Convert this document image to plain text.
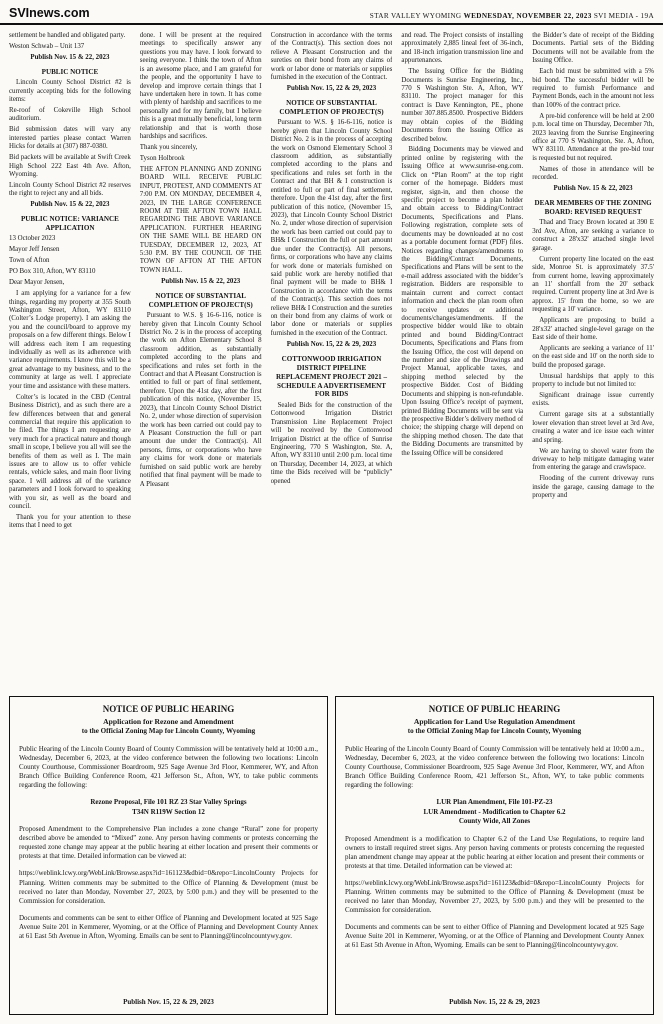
SVInews.com	STAR VALLEY WYOMING WEDNESDAY, NOVEMBER 22, 2023 SVI MEDIA - 19A
settlement be handled and obligated party.
Weston Schwab – Unit 137
Publish Nov. 15 & 22, 2023
PUBLIC NOTICE
Lincoln County School District #2 is currently accepting bids for the following items:
Re-roof of Cokeville High School auditorium.
Bid submission dates will vary any interested parties please contact Warren Hicks for details at (307) 887-0380.
Bid packets will be available at Swift Creek High School 222 East 4th Ave. Afton, Wyoming.
Lincoln County School District #2 reserves the right to reject any and all bids.
Publish Nov. 15 & 22, 2023
PUBLIC NOTICE: VARIANCE APPLICATION
13 October 2023
Mayor Jeff Jensen
Town of Afton
PO Box 310, Afton, WY 83110
Dear Mayor Jensen,
I am applying for a variance for a few things, regarding my property at 355 South Washington Street, Afton, WY 83110 (Colter’s Lodge property). I am asking the you and the council/board to approve my proposals on a few different things. Below I will address each item I am requesting individually as well as its adherence with variance requirements. I know this will be a great advantage to my business, and to the community at large as well. I appreciate your time and assistance with these matters.
Colter’s is located in the CBD (Central Business District), and as such there are a few differences between that and general commercial that require this application to be filed. The things I am requesting are very much for a practical nature and though small in scope, I believe you all will see the benefits of them as well as I. The main issues are to allow us to offer vehicle rentals, vehicle sales, and main floor living space. I will address all of the variance parameters and I look forward to speaking with you sir, as well as the board and council.
Thank you for your attention to these items that I need to get
done. I will be present at the required meetings to specifically answer any questions you may have. I look forward to seeing everyone. I think the town of Afton is an awesome place, and I am grateful for the people, and the opportunity I have to develop and improve certain things that I have undertaken here in town. It has come with plenty of hardship and sacrifices to me personally and for my family, but I believe this is a great mutually beneficial, long term relationship and that is worth those hardships and sacrifices.
Thank you sincerely,
Tyson Holbrook
THE AFTON PLANNING AND ZONING BOARD WILL RECEIVE PUBLIC INPUT, PROTEST, AND COMMENTS AT 7:00 P.M. ON MONDAY, DECEMBER 4, 2023, IN THE LARGE CONFERENCE ROOM AT THE AFTON TOWN HALL REGARDING THE ABOVE VARIANCE APPLICATION. FURTHER HEARING ON THE SAME WILL BE HEARD ON TUESDAY, DECEMBER 12, 2023, AT 5:30 P.M. BY THE COUNCIL OF THE TOWN OF AFTON AT THE AFTON TOWN HALL.
Publish Nov. 15 & 22, 2023
NOTICE OF SUBSTANTIAL COMPLETION OF PROJECT(S)
Pursuant to W.S. § 16-6-116, notice is hereby given that Lincoln County School District No. 2 is in the process of accepting the work on Afton Elementary School 8 classroom addition, as substantially completed according to the plans and specifications and rules set forth in the Contract and that A Pleasant Construction is entitled to full or part of final settlement, therefore. Upon the 41st day, after the first publication of this notice, (November 15, 2023), that Lincoln County School District No. 2, under whose direction of supervision the work has been carried out could pay to A Pleasant Construction the full or part amount due under the Contract(s). All persons, firms, or corporations who have any claims for work done or materials furnished on said public work are hereby notified that final payment will be made to A Pleasant
Construction in accordance with the terms of the Contract(s). This section does not relieve A Pleasant Construction and the sureties on their bond from any claims of work or labor done or materials or supplies furnished in the execution of the Contract.
Publish Nov. 15, 22 & 29, 2023
NOTICE OF SUBSTANTIAL COMPLETION OF PROJECT(S)
Pursuant to W.S. § 16-6-116, notice is hereby given that Lincoln County School District No. 2 is in the process of accepting the work on Osmond Elementary School 3 classroom addition, as substantially completed according to the plans and specifications and rules set forth in the Contract and that BH & I construction is entitled to full or part of final settlement, therefore. Upon the 41st day, after the first publication of this notice, (November 15, 2023), that Lincoln County School District No. 2, under whose direction of supervision the work has been carried out could pay to BH& I Construction the full or part amount due under the Contract(s). All persons, firms, or corporations who have any claims for work done or materials furnished on said public work are hereby notified that final payment will be made to BH& I Construction in accordance with the terms of the Contract(s). This section does not relieve BH& I Construction and the sureties on their bond from any claims of work or labor done or materials or supplies furnished in the execution of the Contract.
Publish Nov. 15, 22 & 29, 2023
COTTONWOOD IRRIGATION DISTRICT PIPELINE REPLACEMENT PROJECT 2021 – SCHEDULE A ADVERTISEMENT FOR BIDS
Sealed Bids for the construction of the Cottonwood Irrigation District Transmission Line Replacement Project will be received by the Cottonwood Irrigation District at the office of Sunrise Engineering, 770 S Washington, Ste. A, Afton, WY 83110 until 2:00 p.m. local time on Thursday, December 14, 2023, at which time the Bids received will be “publicly” opened
and read. The Project consists of installing approximately 2,885 lineal feet of 36-inch, and 18-inch irrigation transmission line and appurtenances.
The Issuing Office for the Bidding Documents is Sunrise Engineering, Inc., 770 S Washington Ste. A, Afton, WY 83110. The project manager for this contract is Dave Kennington, PE., phone number 307.885.8500. Prospective Bidders may obtain copies of the Bidding Documents from the Issuing Office as described below.
Bidding Documents may be viewed and printed online by registering with the Issuing Office at www.sunrise-eng.com. Click on “Plan Room” at the top right corner of the homepage. Bidders must register, sign-in, and then choose the specific project to become a plan holder and obtain access to Bidding/Contract Documents, Specifications and Plans. Following registration, complete sets of documents may be downloaded at no cost as a portable document format (PDF) files. Notices regarding changes/amendments to the Bidding/Contract Documents, Specifications and Plans will be sent to the e-mail address associated with the bidder’s registration. Bidders are responsible to maintain current and correct contact information and check the plan room often to receive updates or additional documents/changes/amendments. If the prospective bidder would like to obtain printed and bound Bidding/Contract Documents, Specifications and Plans from the Issuing Office, the cost will depend on the number and size of the Drawings and Project Manual, applicable taxes, and shipping method selected by the prospective Bidder. Cost of Bidding Documents and shipping is non-refundable. Upon Issuing Office’s receipt of payment, printed Bidding Documents will be sent via the prospective Bidder’s delivery method of choice; the shipping charge will depend on the shipping method chosen. The date that the Bidding Documents are transmitted by the Issuing Office will be considered
the Bidder’s date of receipt of the Bidding Documents. Partial sets of the Bidding Documents will not be available from the Issuing Office.
Each bid must be submitted with a 5% bid bond. The successful bidder will be required to furnish Performance and Payment Bonds, each in the amount not less than 100% of the contract price.
A pre-bid conference will be held at 2:00 p.m. local time on Thursday, December 7th, 2023 leaving from the Sunrise Engineering office at 770 S Washington, Ste. A, Afton, WY 83110. Attendance at the pre-bid tour is requested but not required.
Names of those in attendance will be recorded.
Publish Nov. 15 & 22, 2023
DEAR MEMBERS OF THE ZONING BOARD: REVISED REQUEST
Thad and Tracy Brown located at 390 E 3rd Ave, Afton, are seeking a variance to construct a 28'x32' attached single level garage.
Current property line located on the east side, Monroe St. is approximately 37.5' from current home, leaving approximately an 11' shortfall from the 20' setback required. Current property line at 3rd Ave is approx. 15' from the home, so we are requesting a 10' variance.
Applicants are proposing to build a 28'x32' attached single-level garage on the East side of their home.
Applicants are seeking a variance of 11' on the east side and 10' on the north side to build the proposed garage.
Unusual hardships that apply to this property to include but not limited to:
Significant drainage issue currently exists.
Current garage sits at a substantially lower elevation than street level at 3rd Ave, creating a water and ice issue each winter and spring.
We are having to shovel water from the driveway to help mitigate damaging water from entering the garage and crawlspace.
Flooding of the current driveway runs inside the garage, causing damage to the property and
NOTICE OF PUBLIC HEARING
Application for Rezone and Amendment
to the Official Zoning Map for Lincoln County, Wyoming

Public Hearing of the Lincoln County Board of County Commission will be tentatively held at 10:00 a.m., Wednesday, December 6, 2023, at the video conference between the following two locations: Lincoln County Courthouse, Commissioner Boardroom, 925 Sage Avenue 3rd Floor, Kemmerer, WY, and Afton Branch Office Building Conference Room, 421 Jefferson St., Afton, WY, to take public comments regarding the following:

Rezone Proposal, File 101 RZ 23 Star Valley Springs
T34N R119W Section 12

Proposed Amendment to the Comprehensive Plan includes a zone change “Rural” zone for property described above be amended to “Mixed” zone. Any person having comments or protests concerning the requested zone change may appear at the public hearing at either location and present their comments or protests at that time. Detailed information can be viewed at:

https://weblink.lcwy.org/WebLink/Browse.aspx?id=161123&dbid=0&repo=LincolnCounty Projects for Planning. Written comments may be submitted to the Office of Planning & Development (must be received no later than Monday, November 27, 2023, by 5:00 p.m.) and they will be presented to the Commission for consideration.

Documents and comments can be sent to either Office of Planning and Development located at 925 Sage Avenue Suite 201 in Kemmerer, Wyoming, or at the Office of Planning and Development County Annex at 61 East 5th Avenue in Afton, Wyoming. Emails can be sent to Planning@lincolncountywy.gov.

Publish Nov. 15, 22 & 29, 2023
NOTICE OF PUBLIC HEARING
Application for Land Use Regulation Amendment
to the Official Zoning Map for Lincoln County, Wyoming

Public Hearing of the Lincoln County Board of County Commission will be tentatively held at 10:00 a.m., Wednesday, December 6, 2023, at the video conference between the following two locations: Lincoln County Courthouse, Commissioner Boardroom, 925 Sage Avenue 3rd Floor, Kemmerer, WY, and Afton Branch Office Building Conference Room, 421 Jefferson St., Afton, WY, to take public comments regarding the following:

LUR Plan Amendment, File 101-PZ-23
LUR Amendment - Modification to Chapter 6.2
County Wide, All Zones

Proposed Amendment is a modification to Chapter 6.2 of the Land Use Regulations, to require land owners to install required street signs. Any person having comments or protests concerning the requested plan amendment change may appear at the public hearing at either location and present their comments or protests at that time. Detailed information can be viewed at:

https://weblink.lcwy.org/WebLink/Browse.aspx?id=161123&dbid=0&repo=LincolnCounty Projects for Planning. Written comments may be submitted to the Office of Planning & Development (must be received no later than Monday, November 27, 2023, by 5:00 p.m.) and they will be presented to the Commission for consideration.

Documents and comments can be sent to either Office of Planning and Development located at 925 Sage Avenue Suite 201 in Kemmerer, Wyoming, or at the Office of Planning and Development County Annex at 61 East 5th Avenue in Afton, Wyoming. Emails can be sent to Planning@lincolncountywy.gov.

Publish Nov. 15, 22 & 29, 2023
